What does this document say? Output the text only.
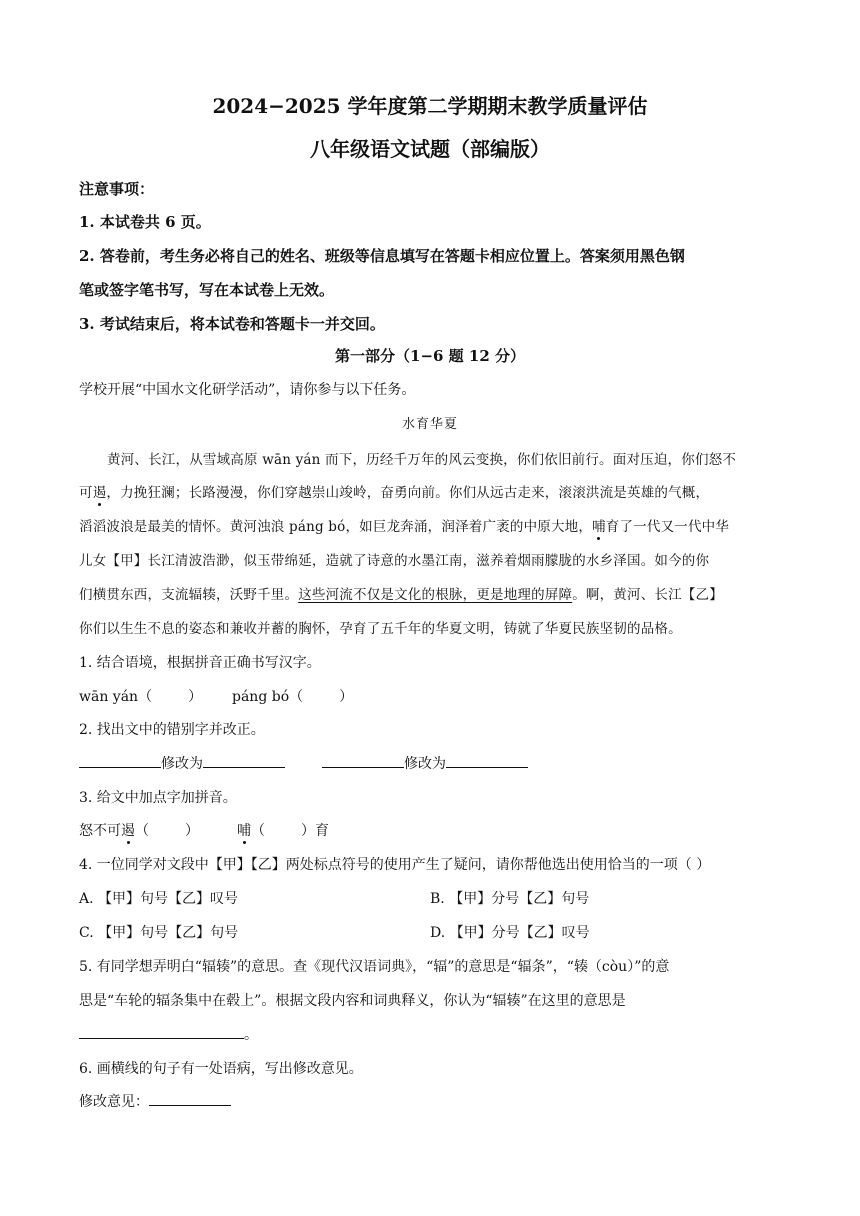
2024−2025 学年度第二学期期末教学质量评估
八年级语文试题（部编版）
注意事项：
1. 本试卷共 6 页。
2. 答卷前，考生务必将自己的姓名、班级等信息填写在答题卡相应位置上。答案须用黑色钢
笔或签字笔书写，写在本试卷上无效。
3. 考试结束后，将本试卷和答题卡一并交回。
第一部分（1−6 题 12 分）
学校开展“中国水文化研学活动”，请你参与以下任务。
水育华夏
黄河、长江，从雪域高原 wān yán 而下，历经千万年的风云变换，你们依旧前行。面对压迫，你们怒不
可遏，力挽狂澜；长路漫漫，你们穿越崇山竣岭，奋勇向前。你们从远古走来，滚滚洪流是英雄的气概，
滔滔波浪是最美的情怀。黄河浊浪 páng bó，如巨龙奔涌，润泽着广袤的中原大地，哺育了一代又一代中华
儿女【甲】长江清波浩渺，似玉带绵延，造就了诗意的水墨江南，滋养着烟雨朦胧的水乡泽国。如今的你
们横贯东西，支流辐辏，沃野千里。这些河流不仅是文化的根脉，更是地理的屏障。啊，黄河、长江【乙】
你们以生生不息的姿态和兼收并蓄的胸怀，孕育了五千年的华夏文明，铸就了华夏民族坚韧的品格。
1. 结合语境，根据拼音正确书写汉字。
wān yán（	） páng bó（	）
2. 找出文中的错别字并改正。
修改为	修改为
3. 给文中加点字加拼音。
怒不可遏（	）	哺（	）育
4. 一位同学对文段中【甲】【乙】两处标点符号的使用产生了疑问，请你帮他选出使用恰当的一项（ ）
A. 【甲】句号【乙】叹号	B. 【甲】分号【乙】句号
C. 【甲】句号【乙】句号	D. 【甲】分号【乙】叹号
5. 有同学想弄明白“辐辏”的意思。查《现代汉语词典》，“辐”的意思是“辐条”，“辏（còu）”的意
思是“车轮的辐条集中在毂上”。根据文段内容和词典释义，你认为“辐辏”在这里的意思是
。
6. 画横线的句子有一处语病，写出修改意见。
修改意见：
